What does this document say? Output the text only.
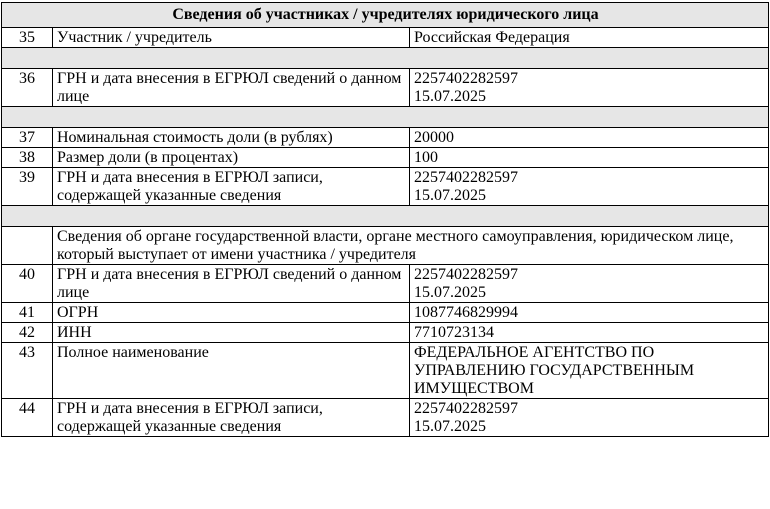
Сведения об участниках / учредителях юридического лица		
35	Участник / учредитель	Российская Федерация

36	ГРН и дата внесения в ЕГРЮЛ сведений о данном лице	2257402282597
15.07.2025

37	Номинальная стоимость доли (в рублях)	20000

38	Размер доли (в процентах)	100

39	ГРН и дата внесения в ЕГРЮЛ записи, содержащей указанные сведения	2257402282597
15.07.2025

	Сведения об органе государственной власти, органе местного самоуправления, юридическом лице, который выступает от имени участника / учредителя	
40	ГРН и дата внесения в ЕГРЮЛ сведений о данном лице	2257402282597
15.07.2025

41	ОГРН	1087746829994

42	ИНН	7710723134

43	Полное наименование	ФЕДЕРАЛЬНОЕ АГЕНТСТВО ПО УПРАВЛЕНИЮ ГОСУДАРСТВЕННЫМ ИМУЩЕСТВОМ

44	ГРН и дата внесения в ЕГРЮЛ записи, содержащей указанные сведения	2257402282597
15.07.2025
